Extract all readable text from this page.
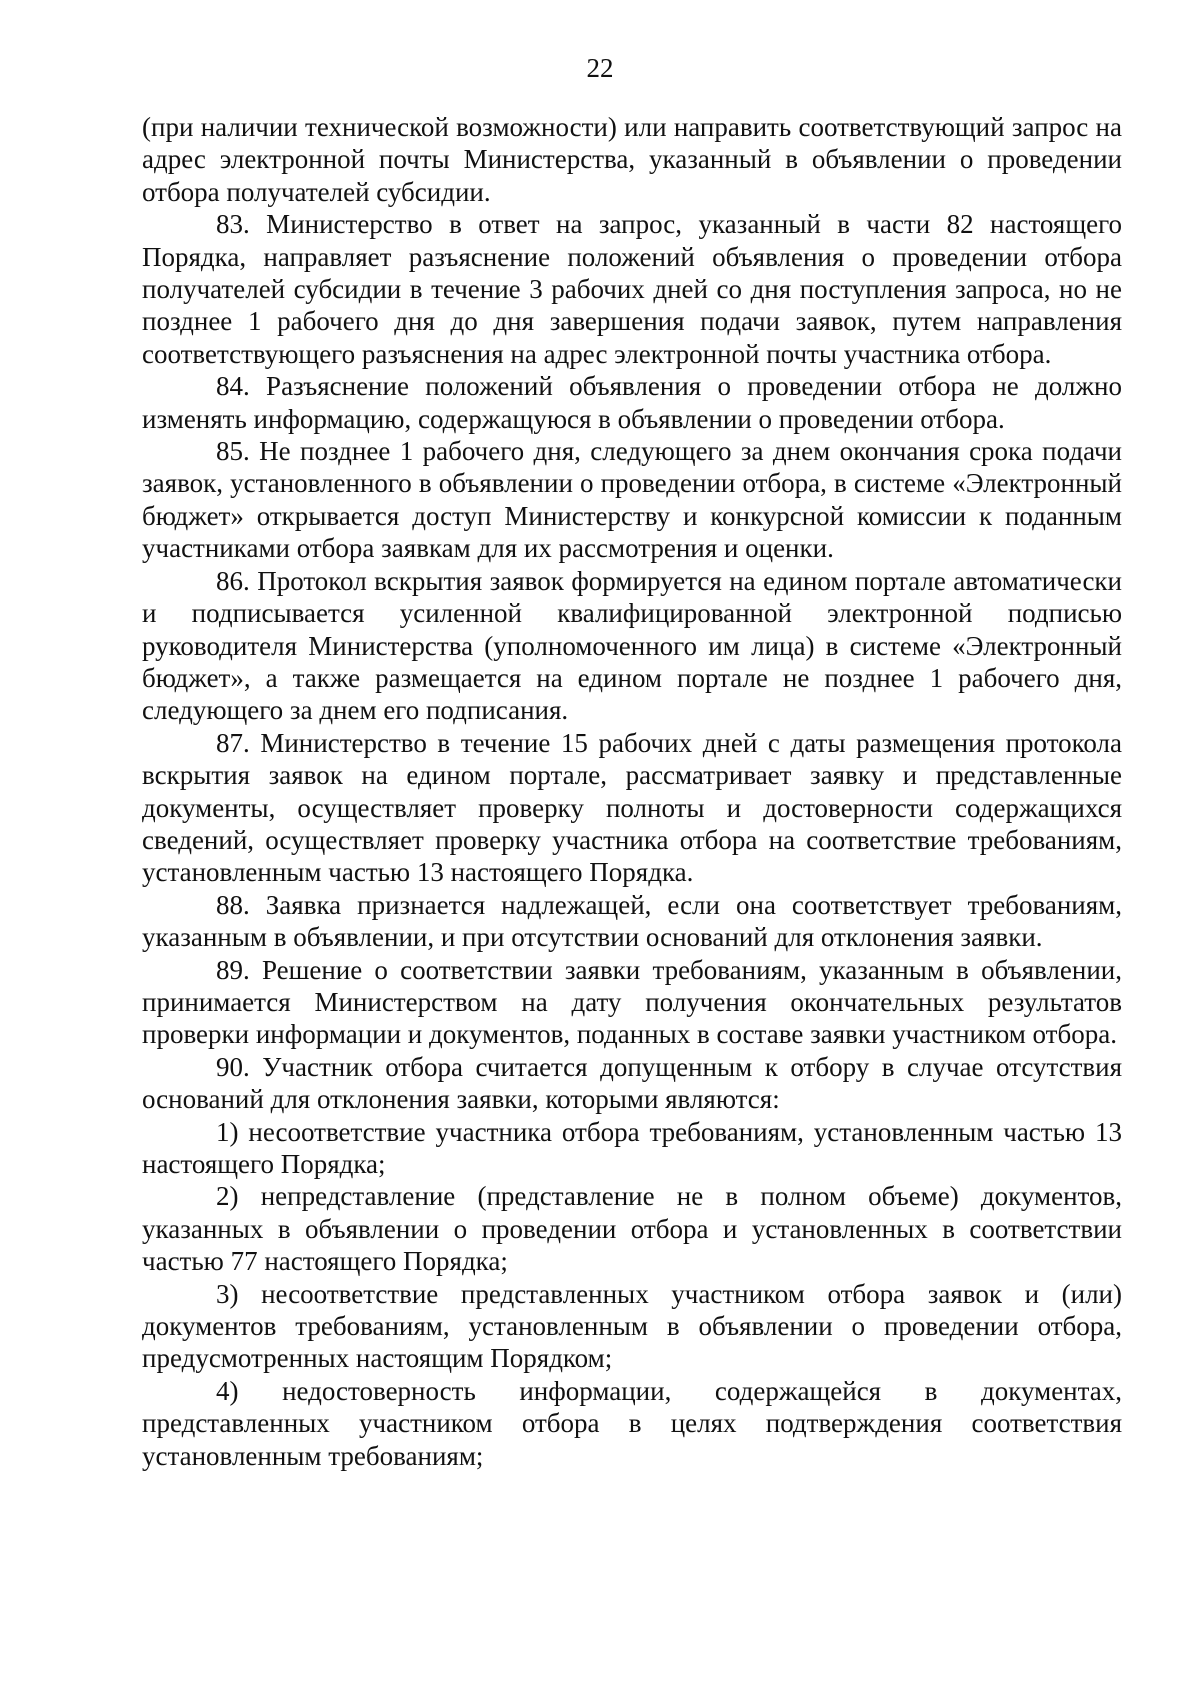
22

(при наличии технической возможности) или направить соответствующий запрос на адрес электронной почты Министерства, указанный в объявлении о проведении отбора получателей субсидии.

83. Министерство в ответ на запрос, указанный в части 82 настоящего Порядка, направляет разъяснение положений объявления о проведении отбора получателей субсидии в течение 3 рабочих дней со дня поступления запроса, но не позднее 1 рабочего дня до дня завершения подачи заявок, путем направления соответствующего разъяснения на адрес электронной почты участника отбора.

84. Разъяснение положений объявления о проведении отбора не должно изменять информацию, содержащуюся в объявлении о проведении отбора.

85. Не позднее 1 рабочего дня, следующего за днем окончания срока подачи заявок, установленного в объявлении о проведении отбора, в системе «Электронный бюджет» открывается доступ Министерству и конкурсной комиссии к поданным участниками отбора заявкам для их рассмотрения и оценки.

86. Протокол вскрытия заявок формируется на едином портале автоматически и подписывается усиленной квалифицированной электронной подписью руководителя Министерства (уполномоченного им лица) в системе «Электронный бюджет», а также размещается на едином портале не позднее 1 рабочего дня, следующего за днем его подписания.

87. Министерство в течение 15 рабочих дней с даты размещения протокола вскрытия заявок на едином портале, рассматривает заявку и представленные документы, осуществляет проверку полноты и достоверности содержащихся сведений, осуществляет проверку участника отбора на соответствие требованиям, установленным частью 13 настоящего Порядка.

88. Заявка признается надлежащей, если она соответствует требованиям, указанным в объявлении, и при отсутствии оснований для отклонения заявки.

89. Решение о соответствии заявки требованиям, указанным в объявлении, принимается Министерством на дату получения окончательных результатов проверки информации и документов, поданных в составе заявки участником отбора.

90. Участник отбора считается допущенным к отбору в случае отсутствия оснований для отклонения заявки, которыми являются:

1) несоответствие участника отбора требованиям, установленным частью 13 настоящего Порядка;

2) непредставление (представление не в полном объеме) документов, указанных в объявлении о проведении отбора и установленных в соответствии частью 77 настоящего Порядка;

3) несоответствие представленных участником отбора заявок и (или) документов требованиям, установленным в объявлении о проведении отбора, предусмотренных настоящим Порядком;

4) недостоверность информации, содержащейся в документах, представленных участником отбора в целях подтверждения соответствия установленным требованиям;
